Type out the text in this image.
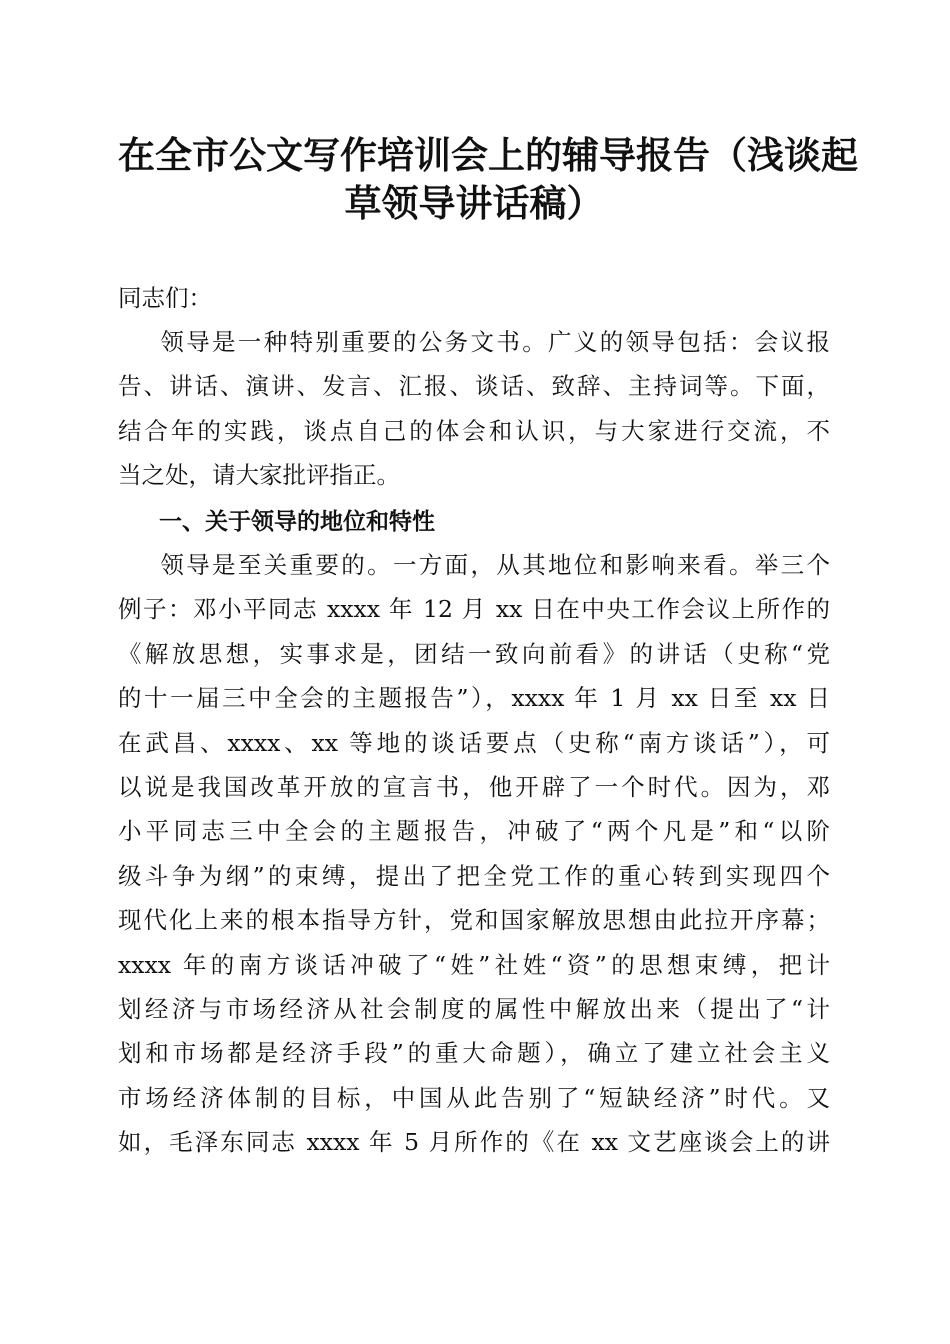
在全市公文写作培训会上的辅导报告（浅谈起
草领导讲话稿）

同志们：

领导是一种特别重要的公务文书。广义的领导包括：会议报
告、讲话、演讲、发言、汇报、谈话、致辞、主持词等。下面，
结合年的实践，谈点自己的体会和认识，与大家进行交流，不
当之处，请大家批评指正。
一、关于领导的地位和特性
领导是至关重要的。一方面，从其地位和影响来看。举三个
例子：邓小平同志 xxxx 年 12 月 xx 日在中央工作会议上所作的
《解放思想，实事求是，团结一致向前看》的讲话（史称“党
的十一届三中全会的主题报告”），xxxx 年 1 月 xx 日至 xx 日
在武昌、xxxx、xx 等地的谈话要点（史称“南方谈话”），可
以说是我国改革开放的宣言书，他开辟了一个时代。因为，邓
小平同志三中全会的主题报告，冲破了“两个凡是”和“以阶
级斗争为纲”的束缚，提出了把全党工作的重心转到实现四个
现代化上来的根本指导方针，党和国家解放思想由此拉开序幕；
xxxx 年的南方谈话冲破了“姓”社姓“资”的思想束缚，把计
划经济与市场经济从社会制度的属性中解放出来（提出了“计
划和市场都是经济手段”的重大命题），确立了建立社会主义
市场经济体制的目标，中国从此告别了“短缺经济”时代。又
如，毛泽东同志 xxxx 年 5 月所作的《在 xx 文艺座谈会上的讲
